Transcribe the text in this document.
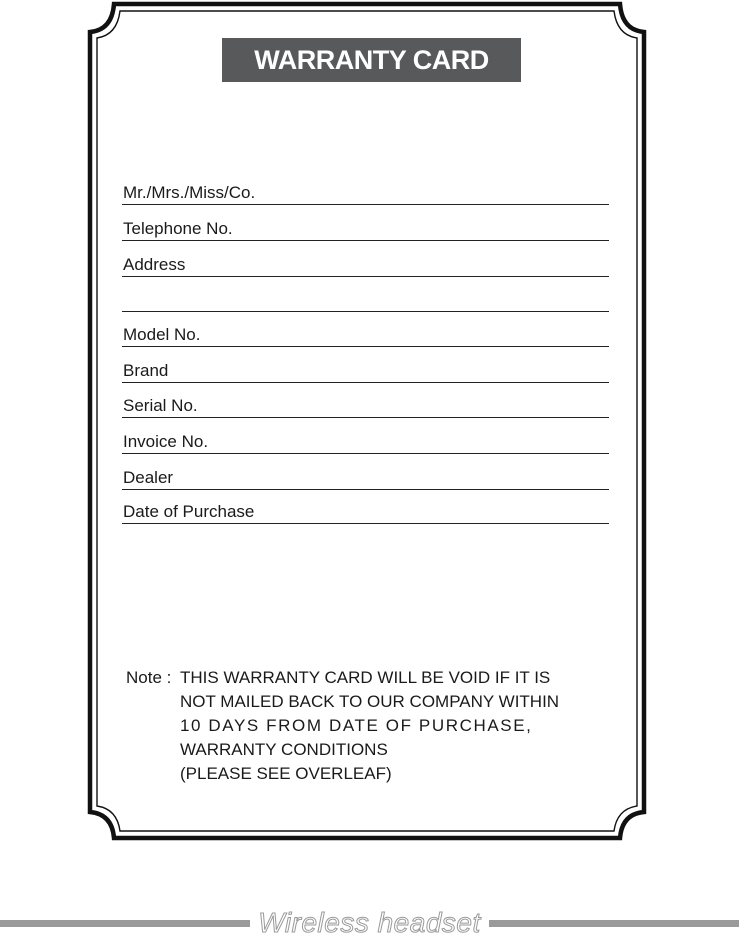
WARRANTY CARD
Mr./Mrs./Miss/Co.
Telephone No.
Address
Model No.
Brand
Serial No.
Invoice No.
Dealer
Date of Purchase
Note : THIS WARRANTY CARD WILL BE VOID IF IT IS
NOT MAILED BACK TO OUR COMPANY WITHIN
10 DAYS FROM DATE OF PURCHASE,
WARRANTY CONDITIONS
(PLEASE SEE OVERLEAF)
Wireless headset
